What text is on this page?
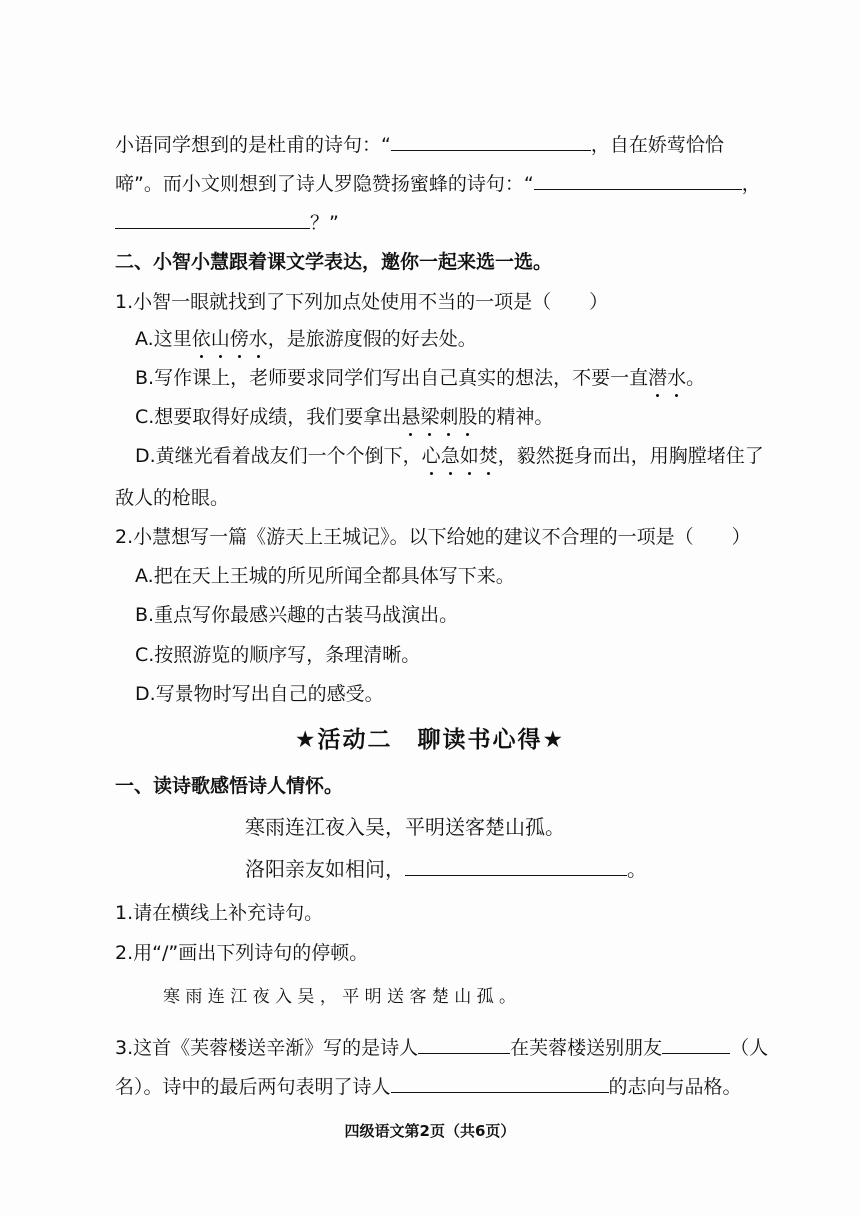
小语同学想到的是杜甫的诗句：“	，自在娇莺恰恰
啼”。而小文则想到了诗人罗隐赞扬蜜蜂的诗句：“	，
？”
二、小智小慧跟着课文学表达，邀你一起来选一选。
1.小智一眼就找到了下列加点处使用不当的一项是（　　）
A.这里依山傍水，是旅游度假的好去处。
B.写作课上，老师要求同学们写出自己真实的想法，不要一直潜水。
C.想要取得好成绩，我们要拿出悬梁刺股的精神。
D.黄继光看着战友们一个个倒下，心急如焚，毅然挺身而出，用胸膛堵住了
敌人的枪眼。
2.小慧想写一篇《游天上王城记》。以下给她的建议不合理的一项是（　　）
A.把在天上王城的所见所闻全都具体写下来。
B.重点写你最感兴趣的古装马战演出。
C.按照游览的顺序写，条理清晰。
D.写景物时写出自己的感受。
★活动二　聊读书心得★
一、读诗歌感悟诗人情怀。
寒雨连江夜入吴，平明送客楚山孤。
洛阳亲友如相问，	。
1.请在横线上补充诗句。
2.用“/”画出下列诗句的停顿。
寒 雨 连 江 夜 入 吴 ， 平 明 送 客 楚 山 孤 。
3.这首《芙蓉楼送辛渐》写的是诗人	在芙蓉楼送别朋友	（人
名）。诗中的最后两句表明了诗人	的志向与品格。
四级语文第2页（共6页）
